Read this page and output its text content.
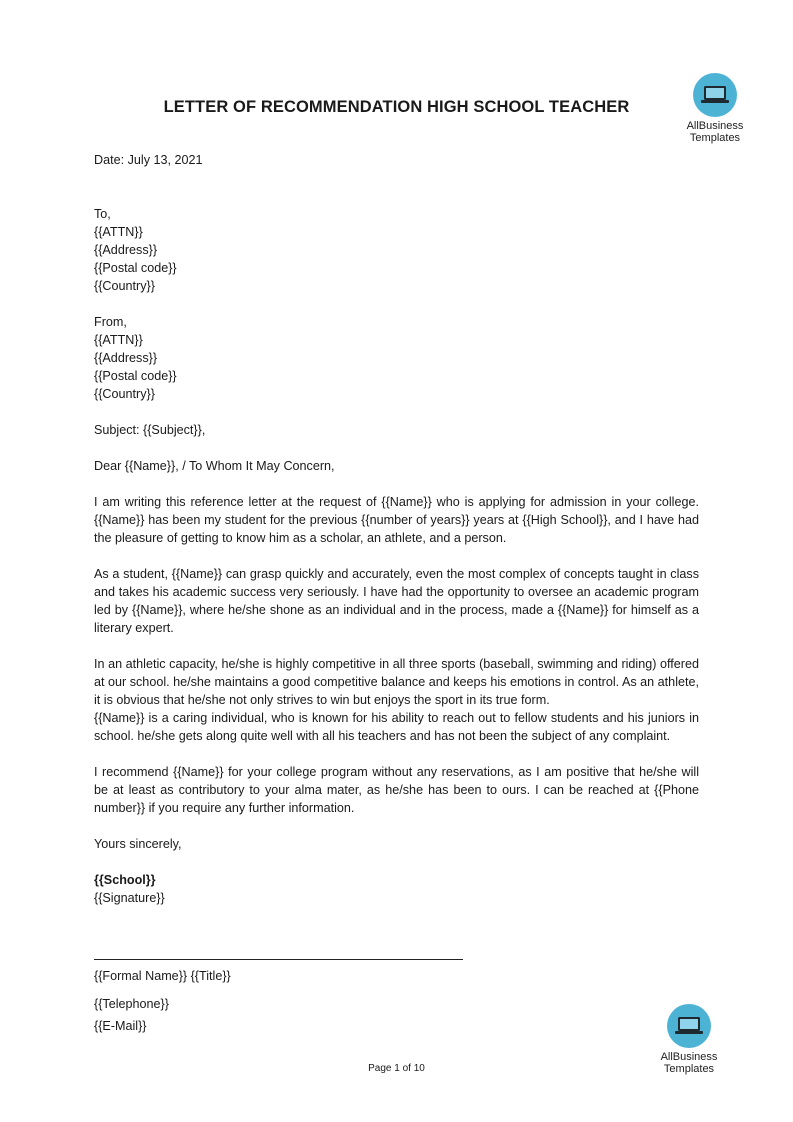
LETTER OF RECOMMENDATION HIGH SCHOOL TEACHER
AllBusiness
Templates
Date: July 13, 2021
To,
{{ATTN}}
{{Address}}
{{Postal code}}
{{Country}}
From,
{{ATTN}}
{{Address}}
{{Postal code}}
{{Country}}
Subject: {{Subject}},
Dear {{Name}}, / To Whom It May Concern,
I am writing this reference letter at the request of {{Name}} who is applying for admission in your college. {{Name}} has been my student for the previous {{number of years}} years at {{High School}}, and I have had the pleasure of getting to know him as a scholar, an athlete, and a person.
As a student, {{Name}} can grasp quickly and accurately, even the most complex of concepts taught in class and takes his academic success very seriously. I have had the opportunity to oversee an academic program led by {{Name}}, where he/she shone as an individual and in the process, made a {{Name}} for himself as a literary expert.
In an athletic capacity, he/she is highly competitive in all three sports (baseball, swimming and riding) offered at our school. he/she maintains a good competitive balance and keeps his emotions in control. As an athlete, it is obvious that he/she not only strives to win but enjoys the sport in its true form.
{{Name}} is a caring individual, who is known for his ability to reach out to fellow students and his juniors in school. he/she gets along quite well with all his teachers and has not been the subject of any complaint.
I recommend {{Name}} for your college program without any reservations, as I am positive that he/she will be at least as contributory to your alma mater, as he/she has been to ours. I can be reached at {{Phone number}} if you require any further information.
Yours sincerely,
{{School}}
{{Signature}}
{{Formal Name}} {{Title}}
{{Telephone}}
{{E-Mail}}
AllBusiness
Templates
Page 1 of 10
